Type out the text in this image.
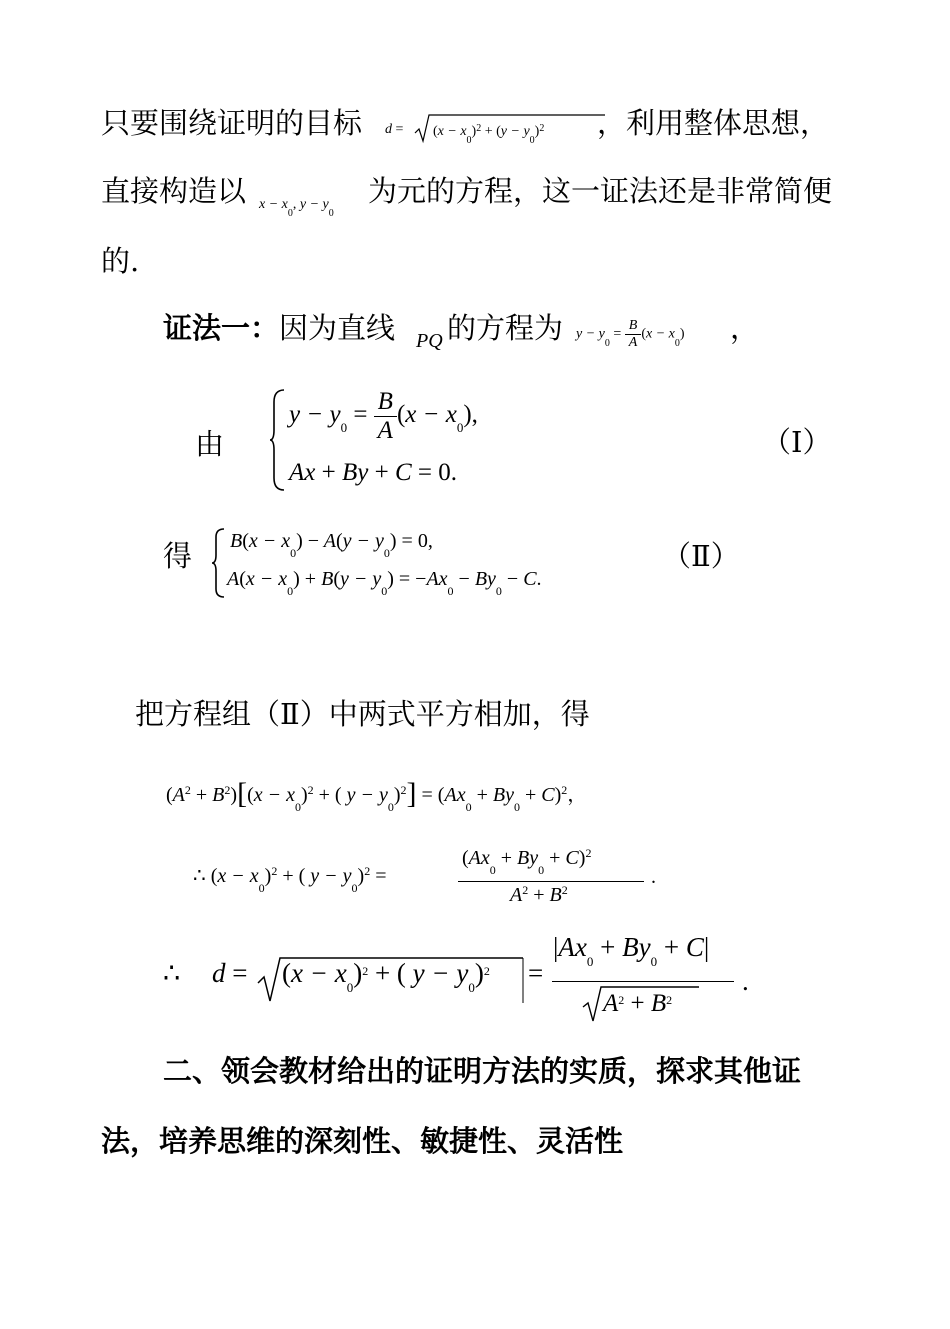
只要围绕证明的目标 $d = (x - x_0)^2 + (y - y_0)^2$ ，利用整体思想，
直接构造以 $x - x_0$, $y - y_0$
为元的方程，这一证法还是非常简便
的.
证法一：因为直线 PQ 的方程为 $y - y_0 = \frac{B}{A} (x - x_0)$ ，
由
$y - y_0 = \frac{B}{A} (x - x_0)$,
Ax + By + C = 0.
（Ⅰ）
得 $B(x - x_0) - A(y - y_0) = 0$,
$A(x - x_0) + B(y - y_0) = -Ax_0 - By_0 - C$.
（Ⅱ）
把方程组（Ⅱ）中两式平方相加，得
$(A^2 + B^2)[(x - x_0)^2$ + ( $y - y_0)^2] = (Ax_0 + By_0 + C)^2$，
∴ $(x - x_0)^2$ + ( $y - y_0)^2$ =
$(Ax_0 + By_0 + C)^2$
$A^2 + B^2$
.
∴ $d = (x - x_0)^2$ + ( $y - y_0)^2$ =
$|Ax_0 + By_0 + C|$
$A^2 + B^2$
.
二、领会教材给出的证明方法的实质，探求其他证
法，培养思维的深刻性、敏捷性、灵活性
